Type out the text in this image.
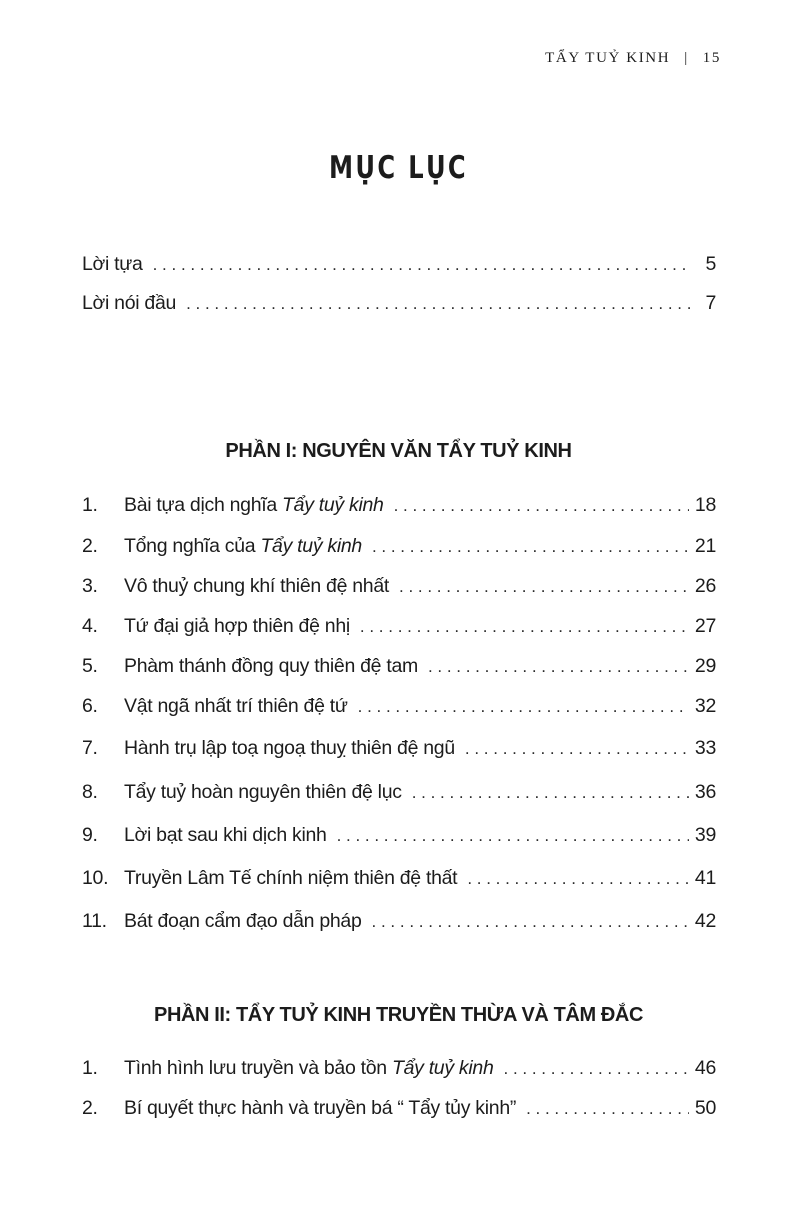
TẨY TUỶ KINH | 15
MỤC LỤC
Lời tựa . . .	5
Lời nói đầu . . .	7
PHẦN I: NGUYÊN VĂN TẨY TUỶ KINH
1.	Bài tựa dịch nghĩa Tẩy tuỷ kinh . . .	18
2.	Tổng nghĩa của Tẩy tuỷ kinh . . .	21
3.	Vô thuỷ chung khí thiên đệ nhất . . .	26
4.	Tứ đại giả hợp thiên đệ nhị . . .	27
5.	Phàm thánh đồng quy thiên đệ tam . . .	29
6.	Vật ngã nhất trí thiên đệ tứ . . .	32
7.	Hành trụ lập toạ ngoạ thuỵ thiên đệ ngũ . . .	33
8.	Tẩy tuỷ hoàn nguyên thiên đệ lục . . .	36
9.	Lời bạt sau khi dịch kinh . . .	39
10. Truyền Lâm Tế chính niệm thiên đệ thất . . .	41
11. Bát đoạn cẩm đạo dẫn pháp . . .	42
PHẦN II: TẨY TUỶ KINH TRUYỀN THỪA VÀ TÂM ĐẮC
1.	Tình hình lưu truyền và bảo tồn Tẩy tuỷ kinh . . .	46
2.	Bí quyết thực hành và truyền bá “ Tẩy tủy kinh” . . .	50
